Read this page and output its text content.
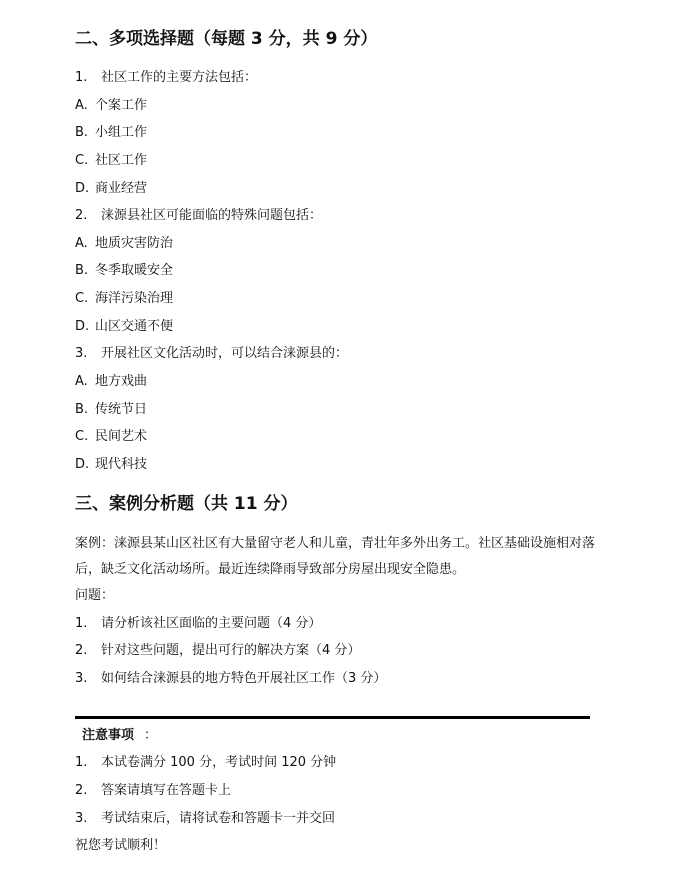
二、多项选择题（每题 3 分，共 9 分）
1.	社区工作的主要方法包括：
A. 个案工作
B. 小组工作
C. 社区工作
D. 商业经营
2.	涞源县社区可能面临的特殊问题包括：
A. 地质灾害防治
B. 冬季取暖安全
C. 海洋污染治理
D. 山区交通不便
3.	开展社区文化活动时，可以结合涞源县的：
A. 地方戏曲
B. 传统节日
C. 民间艺术
D. 现代科技
三、案例分析题（共 11 分）
案例：涞源县某山区社区有大量留守老人和儿童，青壮年多外出务工。社区基础设施相对落后，缺乏文化活动场所。最近连续降雨导致部分房屋出现安全隐患。
问题：
1.	请分析该社区面临的主要问题（4 分）
2.	针对这些问题，提出可行的解决方案（4 分）
3.	如何结合涞源县的地方特色开展社区工作（3 分）
注意事项 ：
1.	本试卷满分 100 分，考试时间 120 分钟
2.	答案请填写在答题卡上
3.	考试结束后，请将试卷和答题卡一并交回
祝您考试顺利！
